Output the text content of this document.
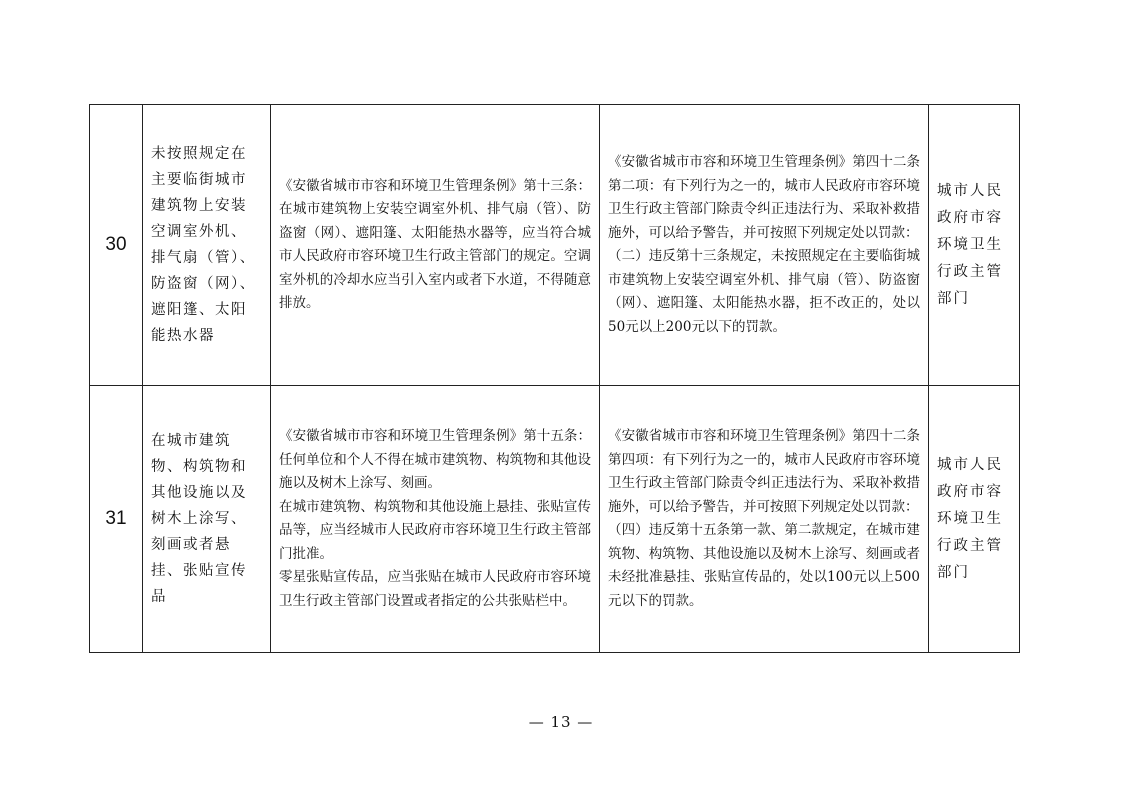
30	未按照规定在主要临街城市建筑物上安装空调室外机、排气扇（管）、防盗窗（网）、遮阳篷、太阳能热水器	《安徽省城市市容和环境卫生管理条例》第十三条：在城市建筑物上安装空调室外机、排气扇（管）、防盗窗（网）、遮阳篷、太阳能热水器等，应当符合城市人民政府市容环境卫生行政主管部门的规定。空调室外机的冷却水应当引入室内或者下水道，不得随意排放。	《安徽省城市市容和环境卫生管理条例》第四十二条第二项：有下列行为之一的，城市人民政府市容环境卫生行政主管部门除责令纠正违法行为、采取补救措施外，可以给予警告，并可按照下列规定处以罚款：
（二）违反第十三条规定，未按照规定在主要临街城市建筑物上安装空调室外机、排气扇（管）、防盗窗（网）、遮阳篷、太阳能热水器，拒不改正的，处以50元以上200元以下的罚款。	城市人民政府市容环境卫生行政主管部门
31	在城市建筑物、构筑物和其他设施以及树木上涂写、刻画或者悬挂、张贴宣传品	《安徽省城市市容和环境卫生管理条例》第十五条：任何单位和个人不得在城市建筑物、构筑物和其他设施以及树木上涂写、刻画。
在城市建筑物、构筑物和其他设施上悬挂、张贴宣传品等，应当经城市人民政府市容环境卫生行政主管部门批准。
零星张贴宣传品，应当张贴在城市人民政府市容环境卫生行政主管部门设置或者指定的公共张贴栏中。	《安徽省城市市容和环境卫生管理条例》第四十二条第四项：有下列行为之一的，城市人民政府市容环境卫生行政主管部门除责令纠正违法行为、采取补救措施外，可以给予警告，并可按照下列规定处以罚款：
（四）违反第十五条第一款、第二款规定，在城市建筑物、构筑物、其他设施以及树木上涂写、刻画或者未经批准悬挂、张贴宣传品的，处以100元以上500元以下的罚款。	城市人民政府市容环境卫生行政主管部门
— 13 —
